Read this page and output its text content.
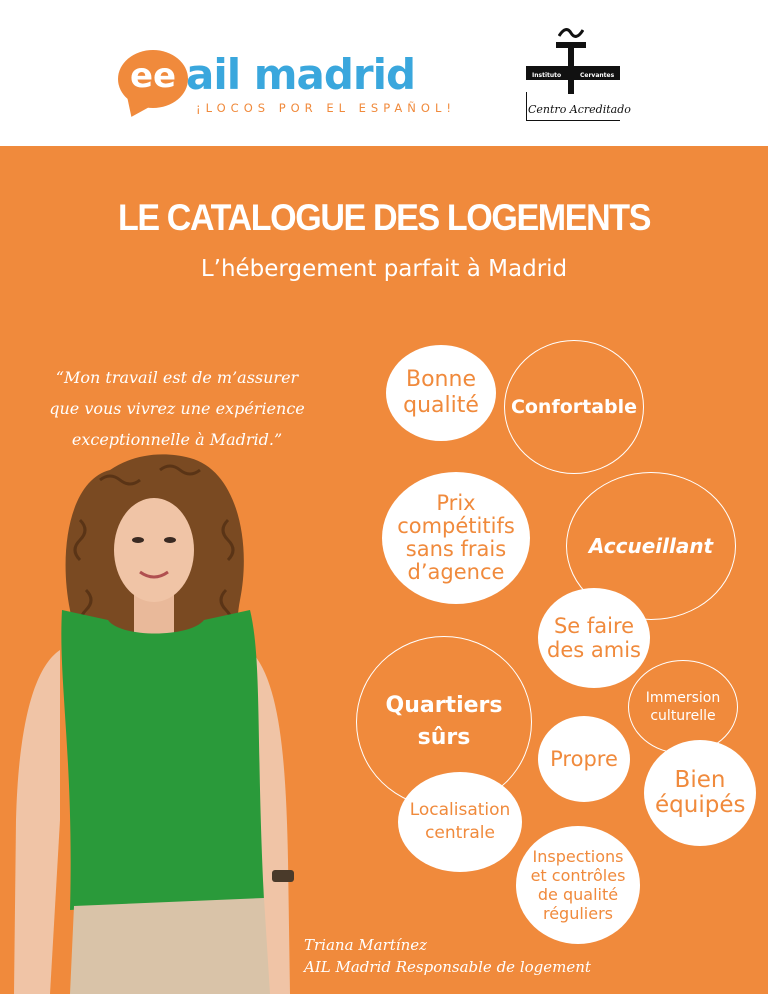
ee ail madrid
¡LOCOS POR EL ESPAÑOL!
Instituto	Cervantes
Centro Acreditado
LE CATALOGUE DES LOGEMENTS
L’hébergement parfait à Madrid
“Mon travail est de m’assurer
que vous vivrez une expérience
exceptionnelle à Madrid.”
Bonne qualité Confortable
Prix compétitifs sans frais d’agence
Accueillant
Se faire des amis
Quartiers sûrs
Immersion culturelle
Propre
Bien équipés
Localisation centrale
Inspections et contrôles de qualité réguliers
Triana Martínez
AIL Madrid Responsable de logement
